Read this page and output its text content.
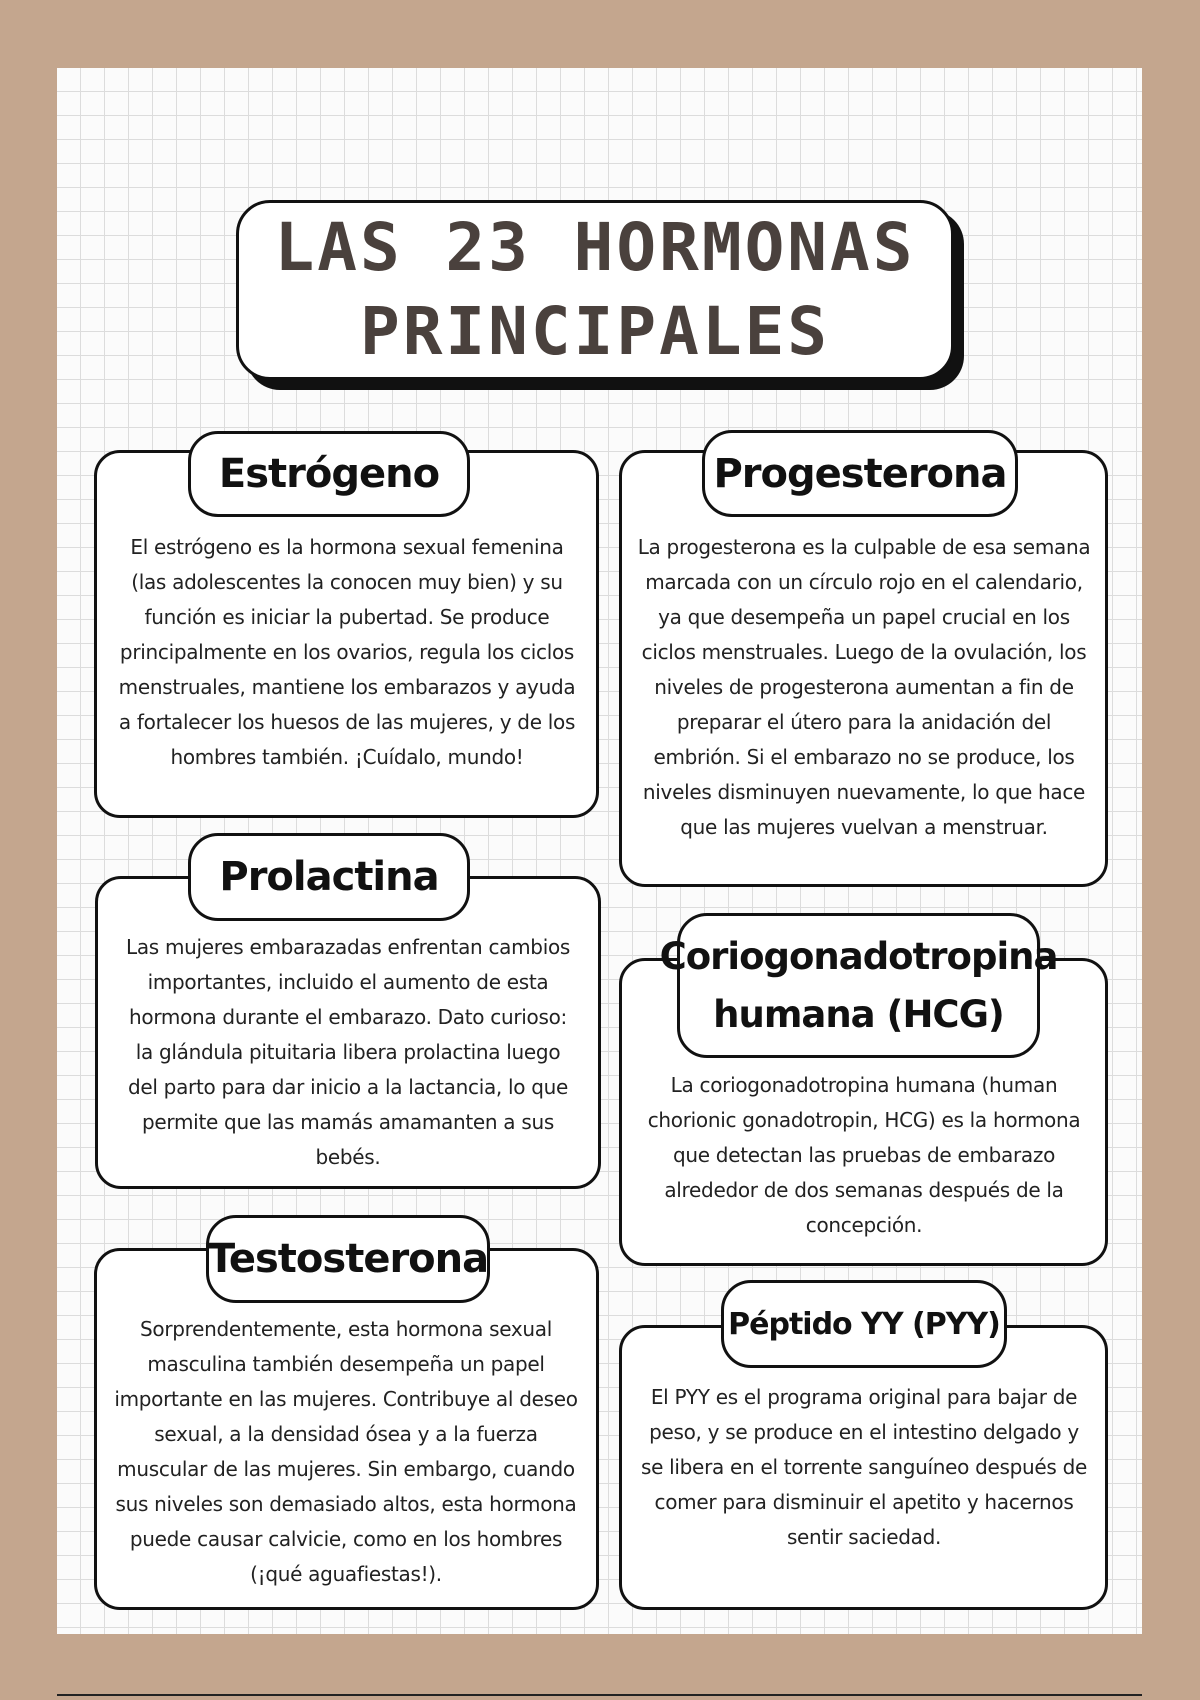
LAS 23 HORMONAS
PRINCIPALES
Estrógeno
El estrógeno es la hormona sexual femenina (las adolescentes la conocen muy bien) y su función es iniciar la pubertad. Se produce principalmente en los ovarios, regula los ciclos menstruales, mantiene los embarazos y ayuda a fortalecer los huesos de las mujeres, y de los hombres también. ¡Cuídalo, mundo!
Progesterona
La progesterona es la culpable de esa semana marcada con un círculo rojo en el calendario, ya que desempeña un papel crucial en los ciclos menstruales. Luego de la ovulación, los niveles de progesterona aumentan a fin de preparar el útero para la anidación del embrión. Si el embarazo no se produce, los niveles disminuyen nuevamente, lo que hace que las mujeres vuelvan a menstruar.
Prolactina
Las mujeres embarazadas enfrentan cambios importantes, incluido el aumento de esta hormona durante el embarazo. Dato curioso: la glándula pituitaria libera prolactina luego del parto para dar inicio a la lactancia, lo que permite que las mamás amamanten a sus bebés.
Coriogonadotropina
humana (HCG)
La coriogonadotropina humana (human chorionic gonadotropin, HCG) es la hormona que detectan las pruebas de embarazo alrededor de dos semanas después de la concepción.
Testosterona
Sorprendentemente, esta hormona sexual masculina también desempeña un papel importante en las mujeres. Contribuye al deseo sexual, a la densidad ósea y a la fuerza muscular de las mujeres. Sin embargo, cuando sus niveles son demasiado altos, esta hormona puede causar calvicie, como en los hombres (¡qué aguafiestas!).
Péptido YY (PYY)
El PYY es el programa original para bajar de peso, y se produce en el intestino delgado y se libera en el torrente sanguíneo después de comer para disminuir el apetito y hacernos sentir saciedad.
